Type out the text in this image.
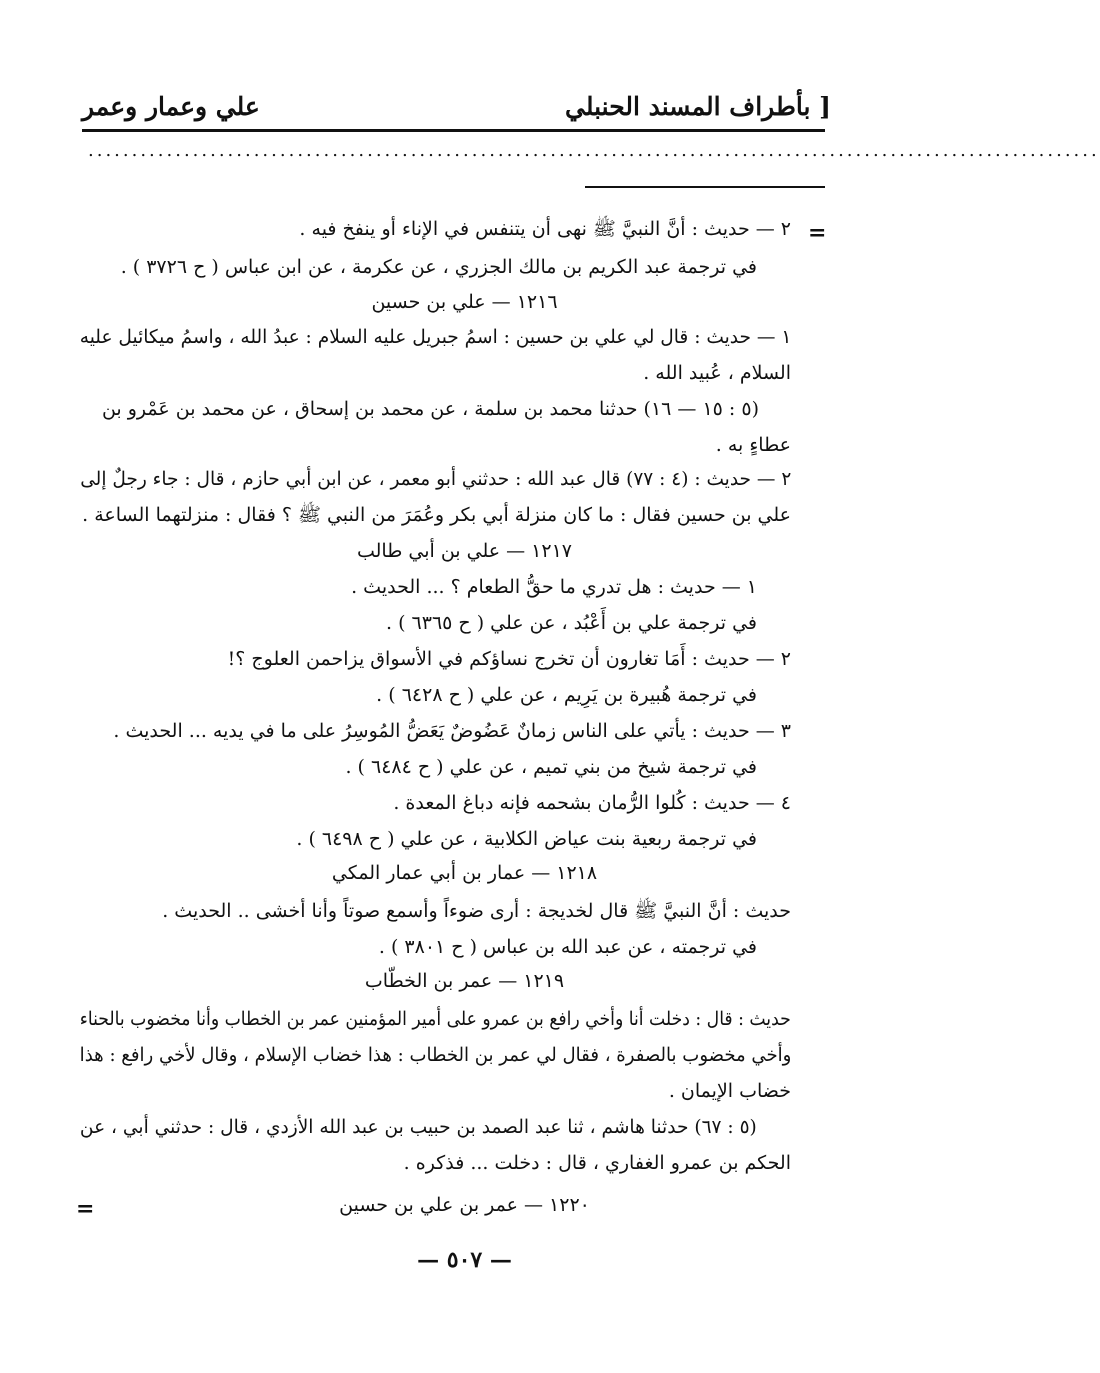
بأطراف المسند الحنبلي ]
علي وعمار وعمر
....................................................................................................................
=
٢ — حديث : أنَّ النبيَّ ﷺ نهى أن يتنفس في الإناء أو ينفخ فيه .
في ترجمة عبد الكريم بن مالك الجزري ، عن عكرمة ، عن ابن عباس ( ح ٣٧٢٦ ) .
١٢١٦ — علي بن حسين
١ — حديث : قال لي علي بن حسين : اسمُ جبريل عليه السلام : عبدُ الله ، واسمُ ميكائيل عليه
السلام ، عُبيد الله .
(٥ : ١٥ — ١٦) حدثنا محمد بن سلمة ، عن محمد بن إسحاق ، عن محمد بن عَمْرو بن
عطاءٍ به .
٢ — حديث : (٤ : ٧٧) قال عبد الله : حدثني أبو معمر ، عن ابن أبي حازم ، قال : جاء رجلٌ إلى
علي بن حسين فقال : ما كان منزلة أبي بكر وعُمَرَ من النبي ﷺ ؟ فقال : منزلتهما الساعة .
١٢١٧ — علي بن أبي طالب
١ — حديث : هل تدري ما حقُّ الطعام ؟ ... الحديث .
في ترجمة علي بن أَعْبُد ، عن علي ( ح ٦٣٦٥ ) .
٢ — حديث : أَمَا تغارون أن تخرج نساؤكم في الأسواق يزاحمن العلوج ؟!
في ترجمة هُبيرة بن يَرِيم ، عن علي ( ح ٦٤٢٨ ) .
٣ — حديث : يأتي على الناس زمانٌ عَضُوضٌ يَعَضُّ المُوسِرُ على ما في يديه ... الحديث .
في ترجمة شيخ من بني تميم ، عن علي ( ح ٦٤٨٤ ) .
٤ — حديث : كُلوا الرُّمان بشحمه فإنه دباغ المعدة .
في ترجمة ربعية بنت عياض الكلابية ، عن علي ( ح ٦٤٩٨ ) .
١٢١٨ — عمار بن أبي عمار المكي
حديث : أنَّ النبيَّ ﷺ قال لخديجة : أرى ضوءاً وأسمع صوتاً وأنا أخشى .. الحديث .
في ترجمته ، عن عبد الله بن عباس ( ح ٣٨٠١ ) .
١٢١٩ — عمر بن الخطّاب
حديث : قال : دخلت أنا وأخي رافع بن عمرو على أمير المؤمنين عمر بن الخطاب وأنا مخضوب بالحناء
وأخي مخضوب بالصفرة ، فقال لي عمر بن الخطاب : هذا خضاب الإسلام ، وقال لأخي رافع : هذا
خضاب الإيمان .
(٥ : ٦٧) حدثنا هاشم ، ثنا عبد الصمد بن حبيب بن عبد الله الأزدي ، قال : حدثني أبي ، عن
الحكم بن عمرو الغفاري ، قال : دخلت ... فذكره .
١٢٢٠ — عمر بن علي بن حسين
=
— ٥٠٧ —
